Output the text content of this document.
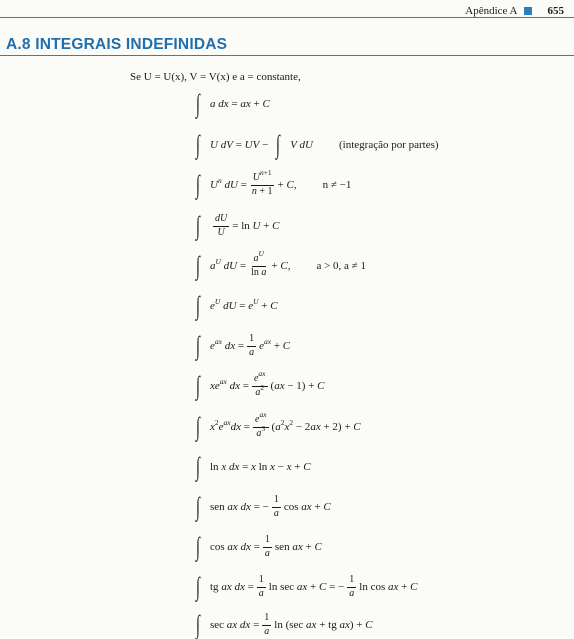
Apêndice A	655
A.8 INTEGRAIS INDEFINIDAS
Se U = U(x), V = V(x) e a = constante,
∫ a dx = ax + C
∫ U dV = UV − ∫ V dU (integração por partes)
∫ $U^n$ dU = $\frac{U^{n+1}}{n + 1} + C$, n ≠ −1
∫ $\frac{dU}{U} = \ln U + C$
∫ $a^U$ dU = $\frac{a^U}{\text{ln a}} + C$, a > 0, a ≠ 1
∫ $e^U$ dU = $e^U + C$
∫ $e^{ax}$ dx = $\frac{1}{a} e^{ax} + C$
∫ $xe^{ax}$ dx = $\frac{e^{ax}}{a^2} (ax - 1) + C$
∫ $x^2e^{ax}dx = \frac{e^{ax}}{a^3} (a^2x^2 - 2ax + 2) + C$
∫ ln x dx = x ln x − x + C
∫ sen ax dx = − $\frac{1}{a}$ cos ax + C
∫ cos ax dx = $\frac{1}{a}$ sen ax + C
∫ tg ax dx = $\frac{1}{a}$ ln sec ax + C = − $\frac{1}{a}$ ln cos ax + C
∫ sec ax dx = $\frac{1}{a}$ ln (sec ax + tg ax) + C
